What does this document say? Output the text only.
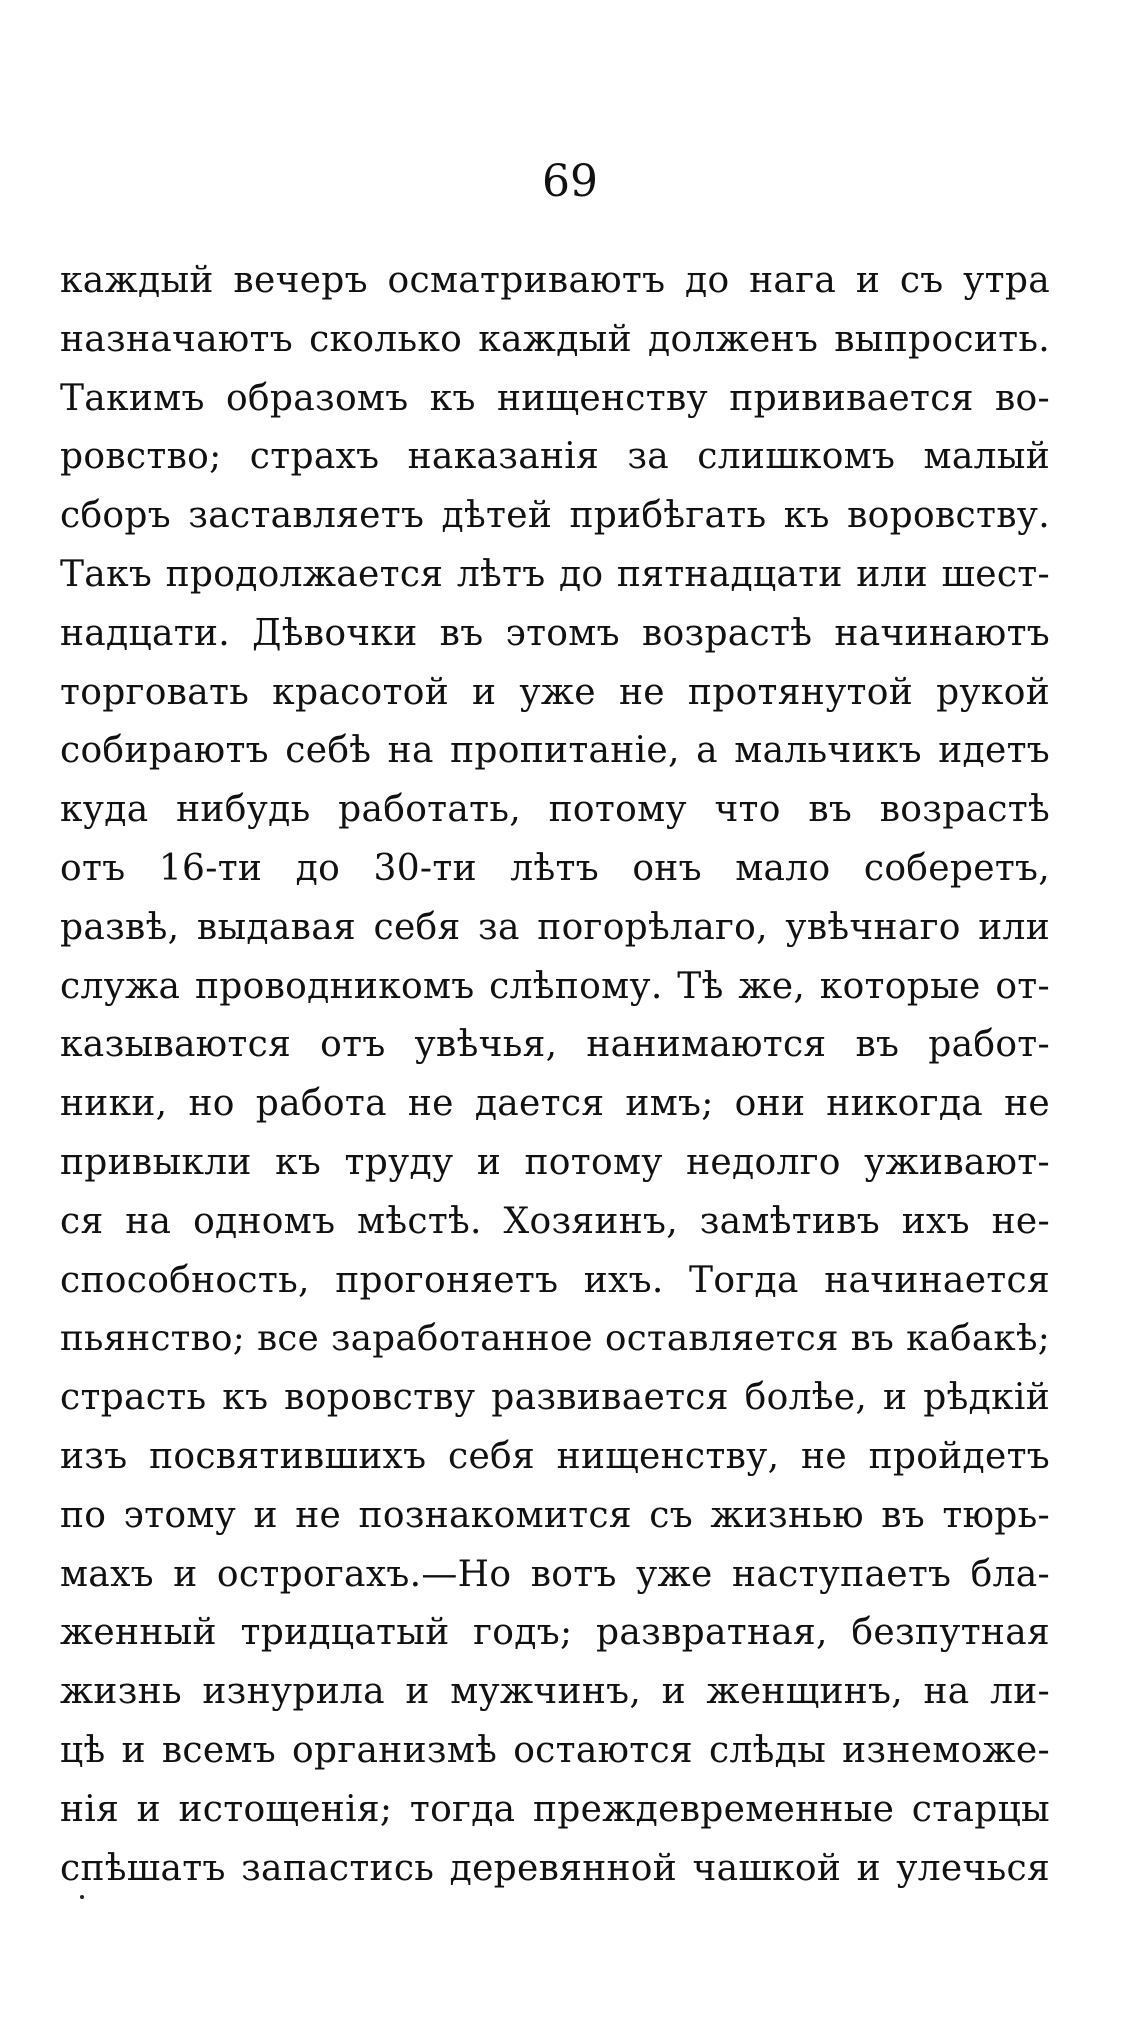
69
каждый вечеръ осматриваютъ до нага и съ утра
назначаютъ сколько каждый долженъ выпросить.
Такимъ образомъ къ нищенству прививается во-
ровство; страхъ наказанія за слишкомъ малый
сборъ заставляетъ дѣтей прибѣгать къ воровству.
Такъ продолжается лѣтъ до пятнадцати или шест-
надцати. Дѣвочки въ этомъ возрастѣ начинаютъ
торговать красотой и уже не протянутой рукой
собираютъ себѣ на пропитаніе, а мальчикъ идетъ
куда нибудь работать, потому что въ возрастѣ
отъ 16-ти до 30-ти лѣтъ онъ мало соберетъ,
развѣ, выдавая себя за погорѣлаго, увѣчнаго или
служа проводникомъ слѣпому. Тѣ же, которые от-
казываются отъ увѣчья, нанимаются въ работ-
ники, но работа не дается имъ; они никогда не
привыкли къ труду и потому недолго уживают-
ся на одномъ мѣстѣ. Хозяинъ, замѣтивъ ихъ не-
способность, прогоняетъ ихъ. Тогда начинается
пьянство; все заработанное оставляется въ кабакѣ;
страсть къ воровству развивается болѣе, и рѣдкій
изъ посвятившихъ себя нищенству, не пройдетъ
по этому и не познакомится съ жизнью въ тюрь-
махъ и острогахъ.—Но вотъ уже наступаетъ бла-
женный тридцатый годъ; развратная, безпутная
жизнь изнурила и мужчинъ, и женщинъ, на ли-
цѣ и всемъ организмѣ остаются слѣды изнеможе-
нія и истощенія; тогда преждевременные старцы
спѣшатъ запастись деревянной чашкой и улечься
